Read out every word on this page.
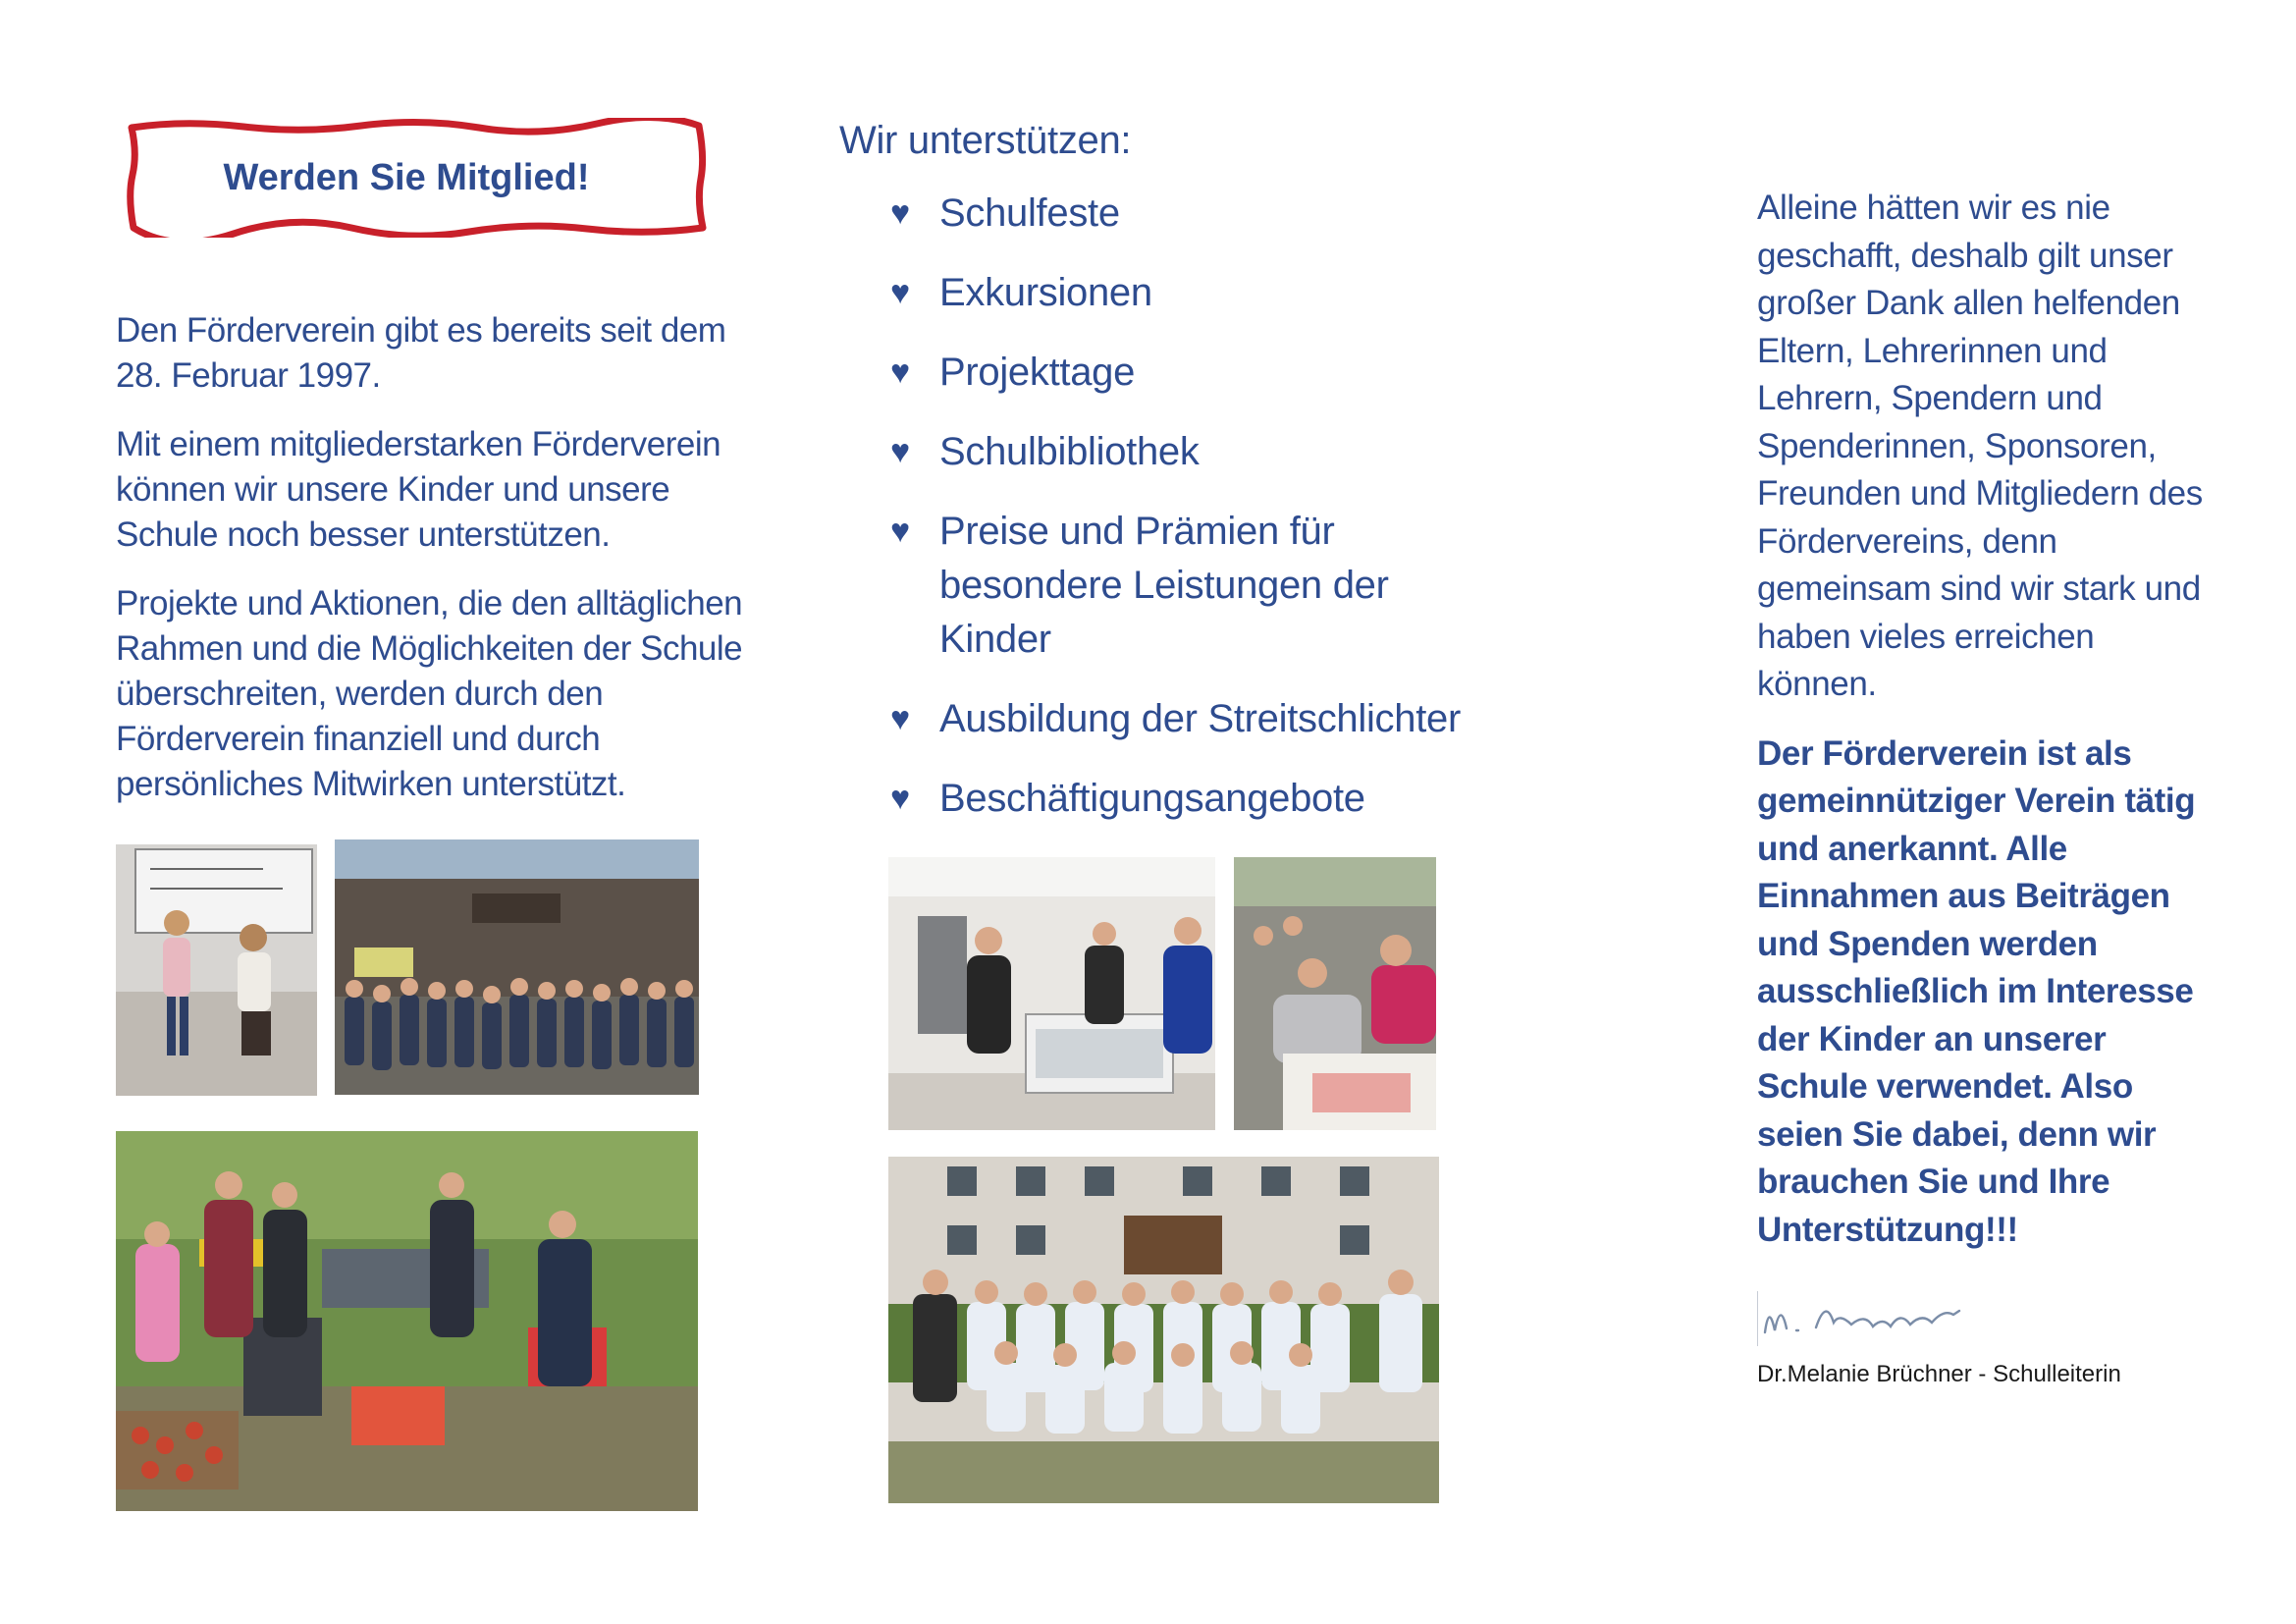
Werden Sie Mitglied!

Den Förderverein gibt es bereits seit dem 28. Februar 1997.

Mit einem mitgliederstarken Förderverein können wir unsere Kinder und unsere Schule noch besser unterstützen.

Projekte und Aktionen, die den alltäglichen Rahmen und die Möglichkeiten der Schule überschreiten, werden durch den Förderverein finanziell und durch persönliches Mitwirken unterstützt.

Wir unterstützen:

♥ Schulfeste
♥ Exkursionen
♥ Projekttage
♥ Schulbibliothek
♥ Preise und Prämien für besondere Leistungen der Kinder
♥ Ausbildung der Streitschlichter
♥ Beschäftigungsangebote

Alleine hätten wir es nie geschafft, deshalb gilt unser großer Dank allen helfenden Eltern, Lehrerinnen und Lehrern, Spendern und Spenderinnen, Sponsoren, Freunden und Mitgliedern des Fördervereins, denn gemeinsam sind wir stark und haben vieles erreichen können.

Der Förderverein ist als gemeinnütziger Verein tätig und anerkannt. Alle Einnahmen aus Beiträgen und Spenden werden ausschließlich im Interesse der Kinder an unserer Schule verwendet. Also seien Sie dabei, denn wir brauchen Sie und Ihre Unterstützung!!!

Dr.Melanie Brüchner - Schulleiterin
